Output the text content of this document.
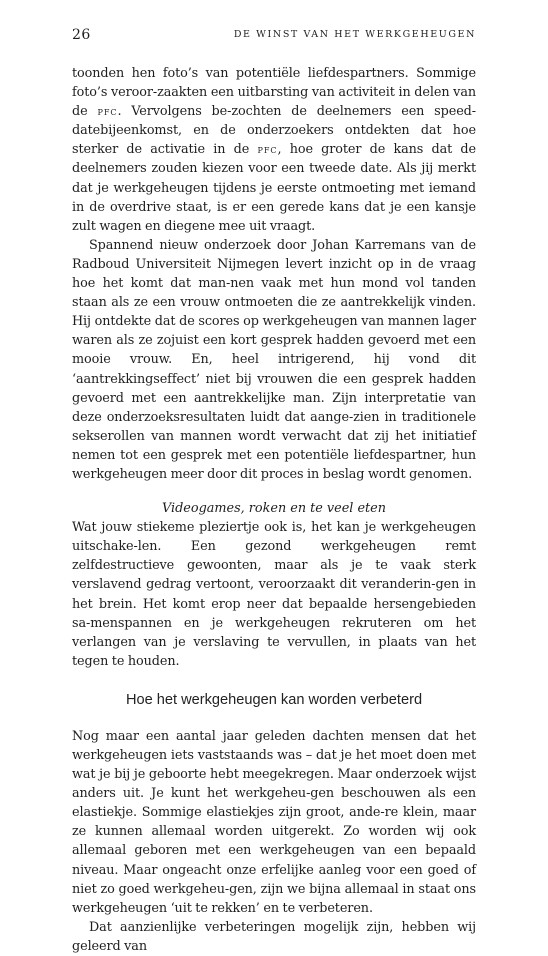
26	DE WINST VAN HET WERKGEHEUGEN

toonden hen foto’s van potentiële liefdespartners. Sommige foto’s veroor-zaakten een uitbarsting van activiteit in delen van de pfc. Vervolgens be-zochten de deelnemers een speed-datebijeenkomst, en de onderzoekers ontdekten dat hoe sterker de activatie in de pfc, hoe groter de kans dat de deelnemers zouden kiezen voor een tweede date. Als jij merkt dat je werkgeheugen tijdens je eerste ontmoeting met iemand in de overdrive staat, is er een gerede kans dat je een kansje zult wagen en diegene mee uit vraagt.

Spannend nieuw onderzoek door Johan Karremans van de Radboud Universiteit Nijmegen levert inzicht op in de vraag hoe het komt dat man-nen vaak met hun mond vol tanden staan als ze een vrouw ontmoeten die ze aantrekkelijk vinden. Hij ontdekte dat de scores op werkgeheugen van mannen lager waren als ze zojuist een kort gesprek hadden gevoerd met een mooie vrouw. En, heel intrigerend, hij vond dit ‘aantrekkingseffect’ niet bij vrouwen die een gesprek hadden gevoerd met een aantrekkelijke man. Zijn interpretatie van deze onderzoeksresultaten luidt dat aange-zien in traditionele sekserollen van mannen wordt verwacht dat zij het initiatief nemen tot een gesprek met een potentiële liefdespartner, hun werkgeheugen meer door dit proces in beslag wordt genomen.

Videogames, roken en te veel eten

Wat jouw stiekeme pleziertje ook is, het kan je werkgeheugen uitschake-len. Een gezond werkgeheugen remt zelfdestructieve gewoonten, maar als je te vaak sterk verslavend gedrag vertoont, veroorzaakt dit veranderin-gen in het brein. Het komt erop neer dat bepaalde hersengebieden sa-menspannen en je werkgeheugen rekruteren om het verlangen van je verslaving te vervullen, in plaats van het tegen te houden.

Hoe het werkgeheugen kan worden verbeterd

Nog maar een aantal jaar geleden dachten mensen dat het werkgeheugen iets vaststaands was – dat je het moet doen met wat je bij je geboorte hebt meegekregen. Maar onderzoek wijst anders uit. Je kunt het werkgeheu-gen beschouwen als een elastiekje. Sommige elastiekjes zijn groot, ande-re klein, maar ze kunnen allemaal worden uitgerekt. Zo worden wij ook allemaal geboren met een werkgeheugen van een bepaald niveau. Maar ongeacht onze erfelijke aanleg voor een goed of niet zo goed werkgeheu-gen, zijn we bijna allemaal in staat ons werkgeheugen ‘uit te rekken’ en te verbeteren.

Dat aanzienlijke verbeteringen mogelijk zijn, hebben wij geleerd van
